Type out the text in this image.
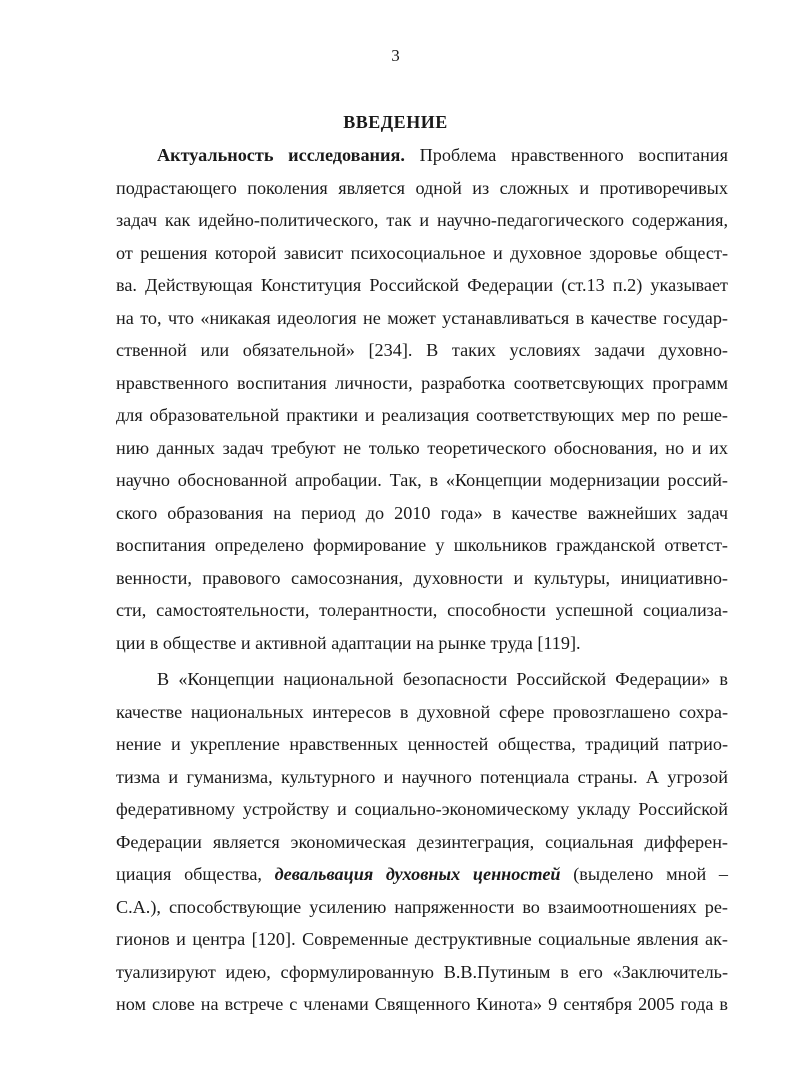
3
ВВЕДЕНИЕ
Актуальность исследования. Проблема нравственного воспитания
подрастающего поколения является одной из сложных и противоречивых
задач как идейно-политического, так и научно-педагогического содержания,
от решения которой зависит психосоциальное и духовное здоровье общест-
ва. Действующая Конституция Российской Федерации (ст.13 п.2) указывает
на то, что «никакая идеология не может устанавливаться в качестве государ-
ственной или обязательной» [234]. В таких условиях задачи духовно-
нравственного воспитания личности, разработка соответсвующих программ
для образовательной практики и реализация соответствующих мер по реше-
нию данных задач требуют не только теоретического обоснования, но и их
научно обоснованной апробации. Так, в «Концепции модернизации россий-
ского образования на период до 2010 года» в качестве важнейших задач
воспитания определено формирование у школьников гражданской ответст-
венности, правового самосознания, духовности и культуры, инициативно-
сти, самостоятельности, толерантности, способности успешной социализа-
ции в обществе и активной адаптации на рынке труда [119].
В «Концепции национальной безопасности Российской Федерации» в
качестве национальных интересов в духовной сфере провозглашено сохра-
нение и укрепление нравственных ценностей общества, традиций патрио-
тизма и гуманизма, культурного и научного потенциала страны. А угрозой
федеративному устройству и социально-экономическому укладу Российской
Федерации является экономическая дезинтеграция, социальная дифферен-
циация общества, девальвация духовных ценностей (выделено мной –
С.А.), способствующие усилению напряженности во взаимоотношениях ре-
гионов и центра [120]. Современные деструктивные социальные явления ак-
туализируют идею, сформулированную В.В.Путиным в его «Заключитель-
ном слове на встрече с членами Священного Кинота» 9 сентября 2005 года в
